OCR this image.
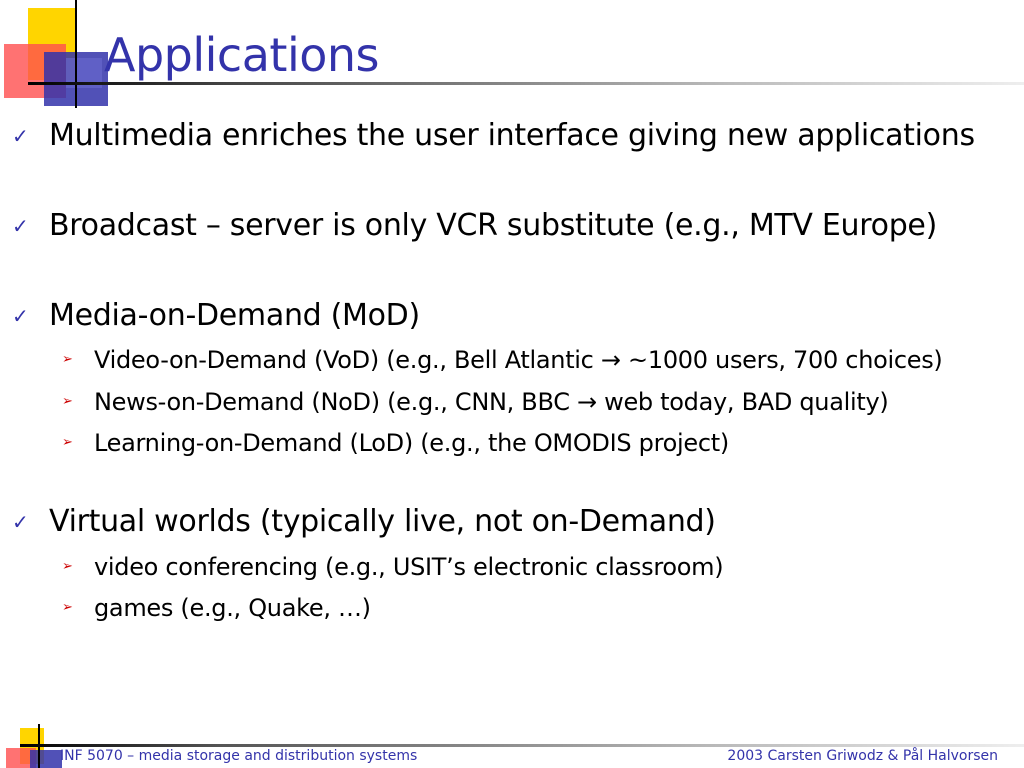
Applications
✓ Multimedia enriches the user interface giving new applications
✓ Broadcast – server is only VCR substitute (e.g., MTV Europe)
✓ Media-on-Demand (MoD)
➢ Video-on-Demand (VoD) (e.g., Bell Atlantic → ~1000 users, 700 choices)
➢ News-on-Demand (NoD) (e.g., CNN, BBC → web today, BAD quality)
➢ Learning-on-Demand (LoD) (e.g., the OMODIS project)
✓ Virtual worlds (typically live, not on-Demand)
➢ video conferencing (e.g., USIT’s electronic classroom)
➢ games (e.g., Quake, …)
INF 5070 – media storage and distribution systems	2003 Carsten Griwodz & Pål Halvorsen
